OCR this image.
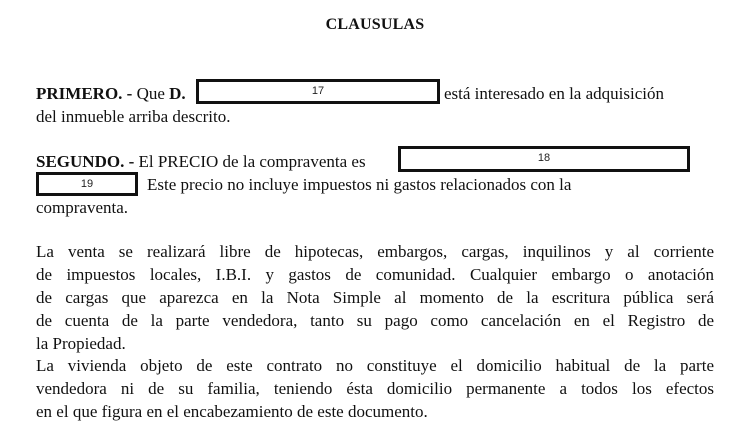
CLAUSULAS
PRIMERO. - Que D.	17	está interesado en la adquisición
del inmueble arriba descrito.
SEGUNDO. - El PRECIO de la compraventa es	18
19	Este precio no incluye impuestos ni gastos relacionados con la
compraventa.
La venta se realizará libre de hipotecas, embargos, cargas, inquilinos y al corriente
de impuestos locales, I.B.I. y gastos de comunidad. Cualquier embargo o anotación
de cargas que aparezca en la Nota Simple al momento de la escritura pública será
de cuenta de la parte vendedora, tanto su pago como cancelación en el Registro de
la Propiedad.
La vivienda objeto de este contrato no constituye el domicilio habitual de la parte
vendedora ni de su familia, teniendo ésta domicilio permanente a todos los efectos
en el que figura en el encabezamiento de este documento.
